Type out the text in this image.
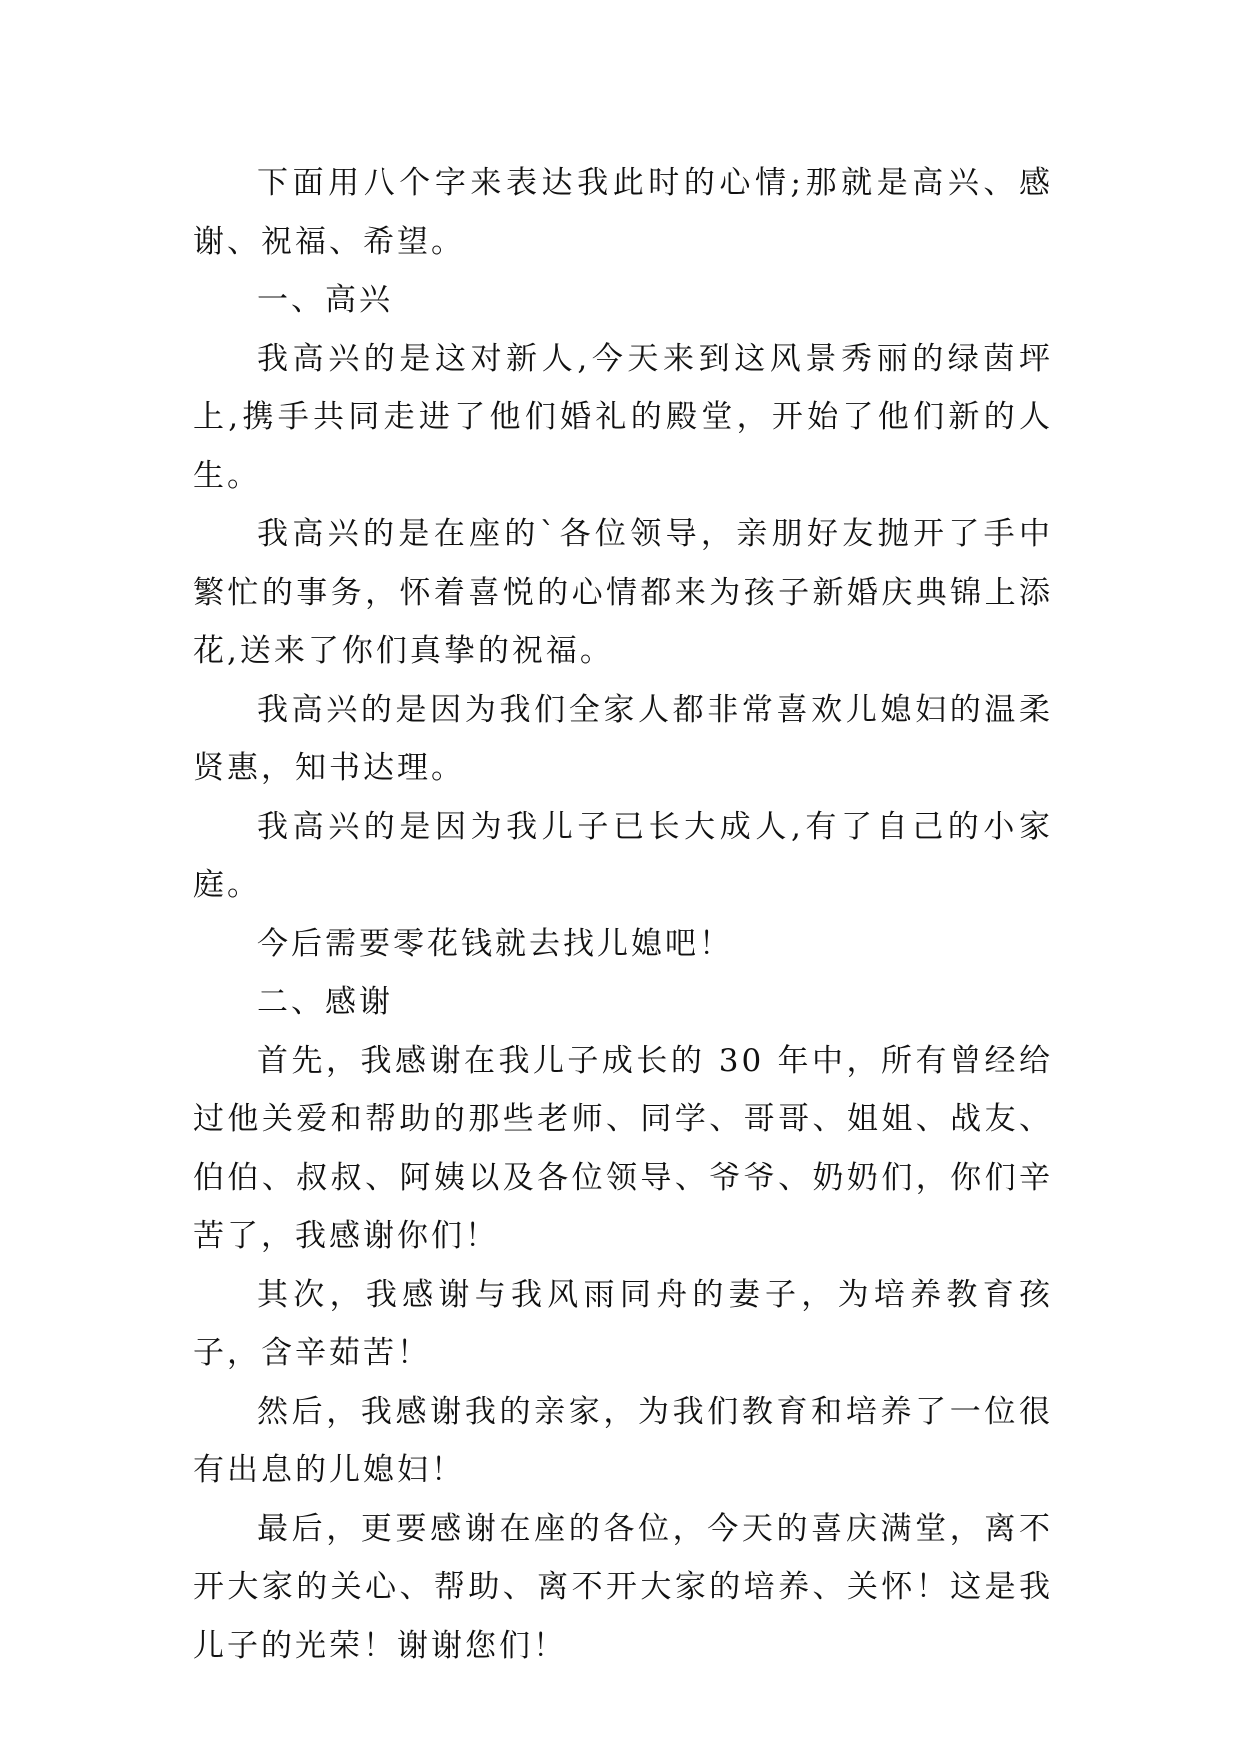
下面用八个字来表达我此时的心情;那就是高兴、感谢、祝福、希望。

一、高兴

我高兴的是这对新人,今天来到这风景秀丽的绿茵坪上,携手共同走进了他们婚礼的殿堂，开始了他们新的人生。

我高兴的是在座的`各位领导，亲朋好友抛开了手中繁忙的事务，怀着喜悦的心情都来为孩子新婚庆典锦上添花,送来了你们真挚的祝福。

我高兴的是因为我们全家人都非常喜欢儿媳妇的温柔贤惠，知书达理。

我高兴的是因为我儿子已长大成人,有了自己的小家庭。

今后需要零花钱就去找儿媳吧！

二、感谢

首先，我感谢在我儿子成长的 30 年中，所有曾经给过他关爱和帮助的那些老师、同学、哥哥、姐姐、战友、伯伯、叔叔、阿姨以及各位领导、爷爷、奶奶们，你们辛苦了，我感谢你们！

其次，我感谢与我风雨同舟的妻子，为培养教育孩子，含辛茹苦！

然后，我感谢我的亲家，为我们教育和培养了一位很有出息的儿媳妇！

最后，更要感谢在座的各位，今天的喜庆满堂，离不开大家的关心、帮助、离不开大家的培养、关怀！这是我儿子的光荣！谢谢您们！
